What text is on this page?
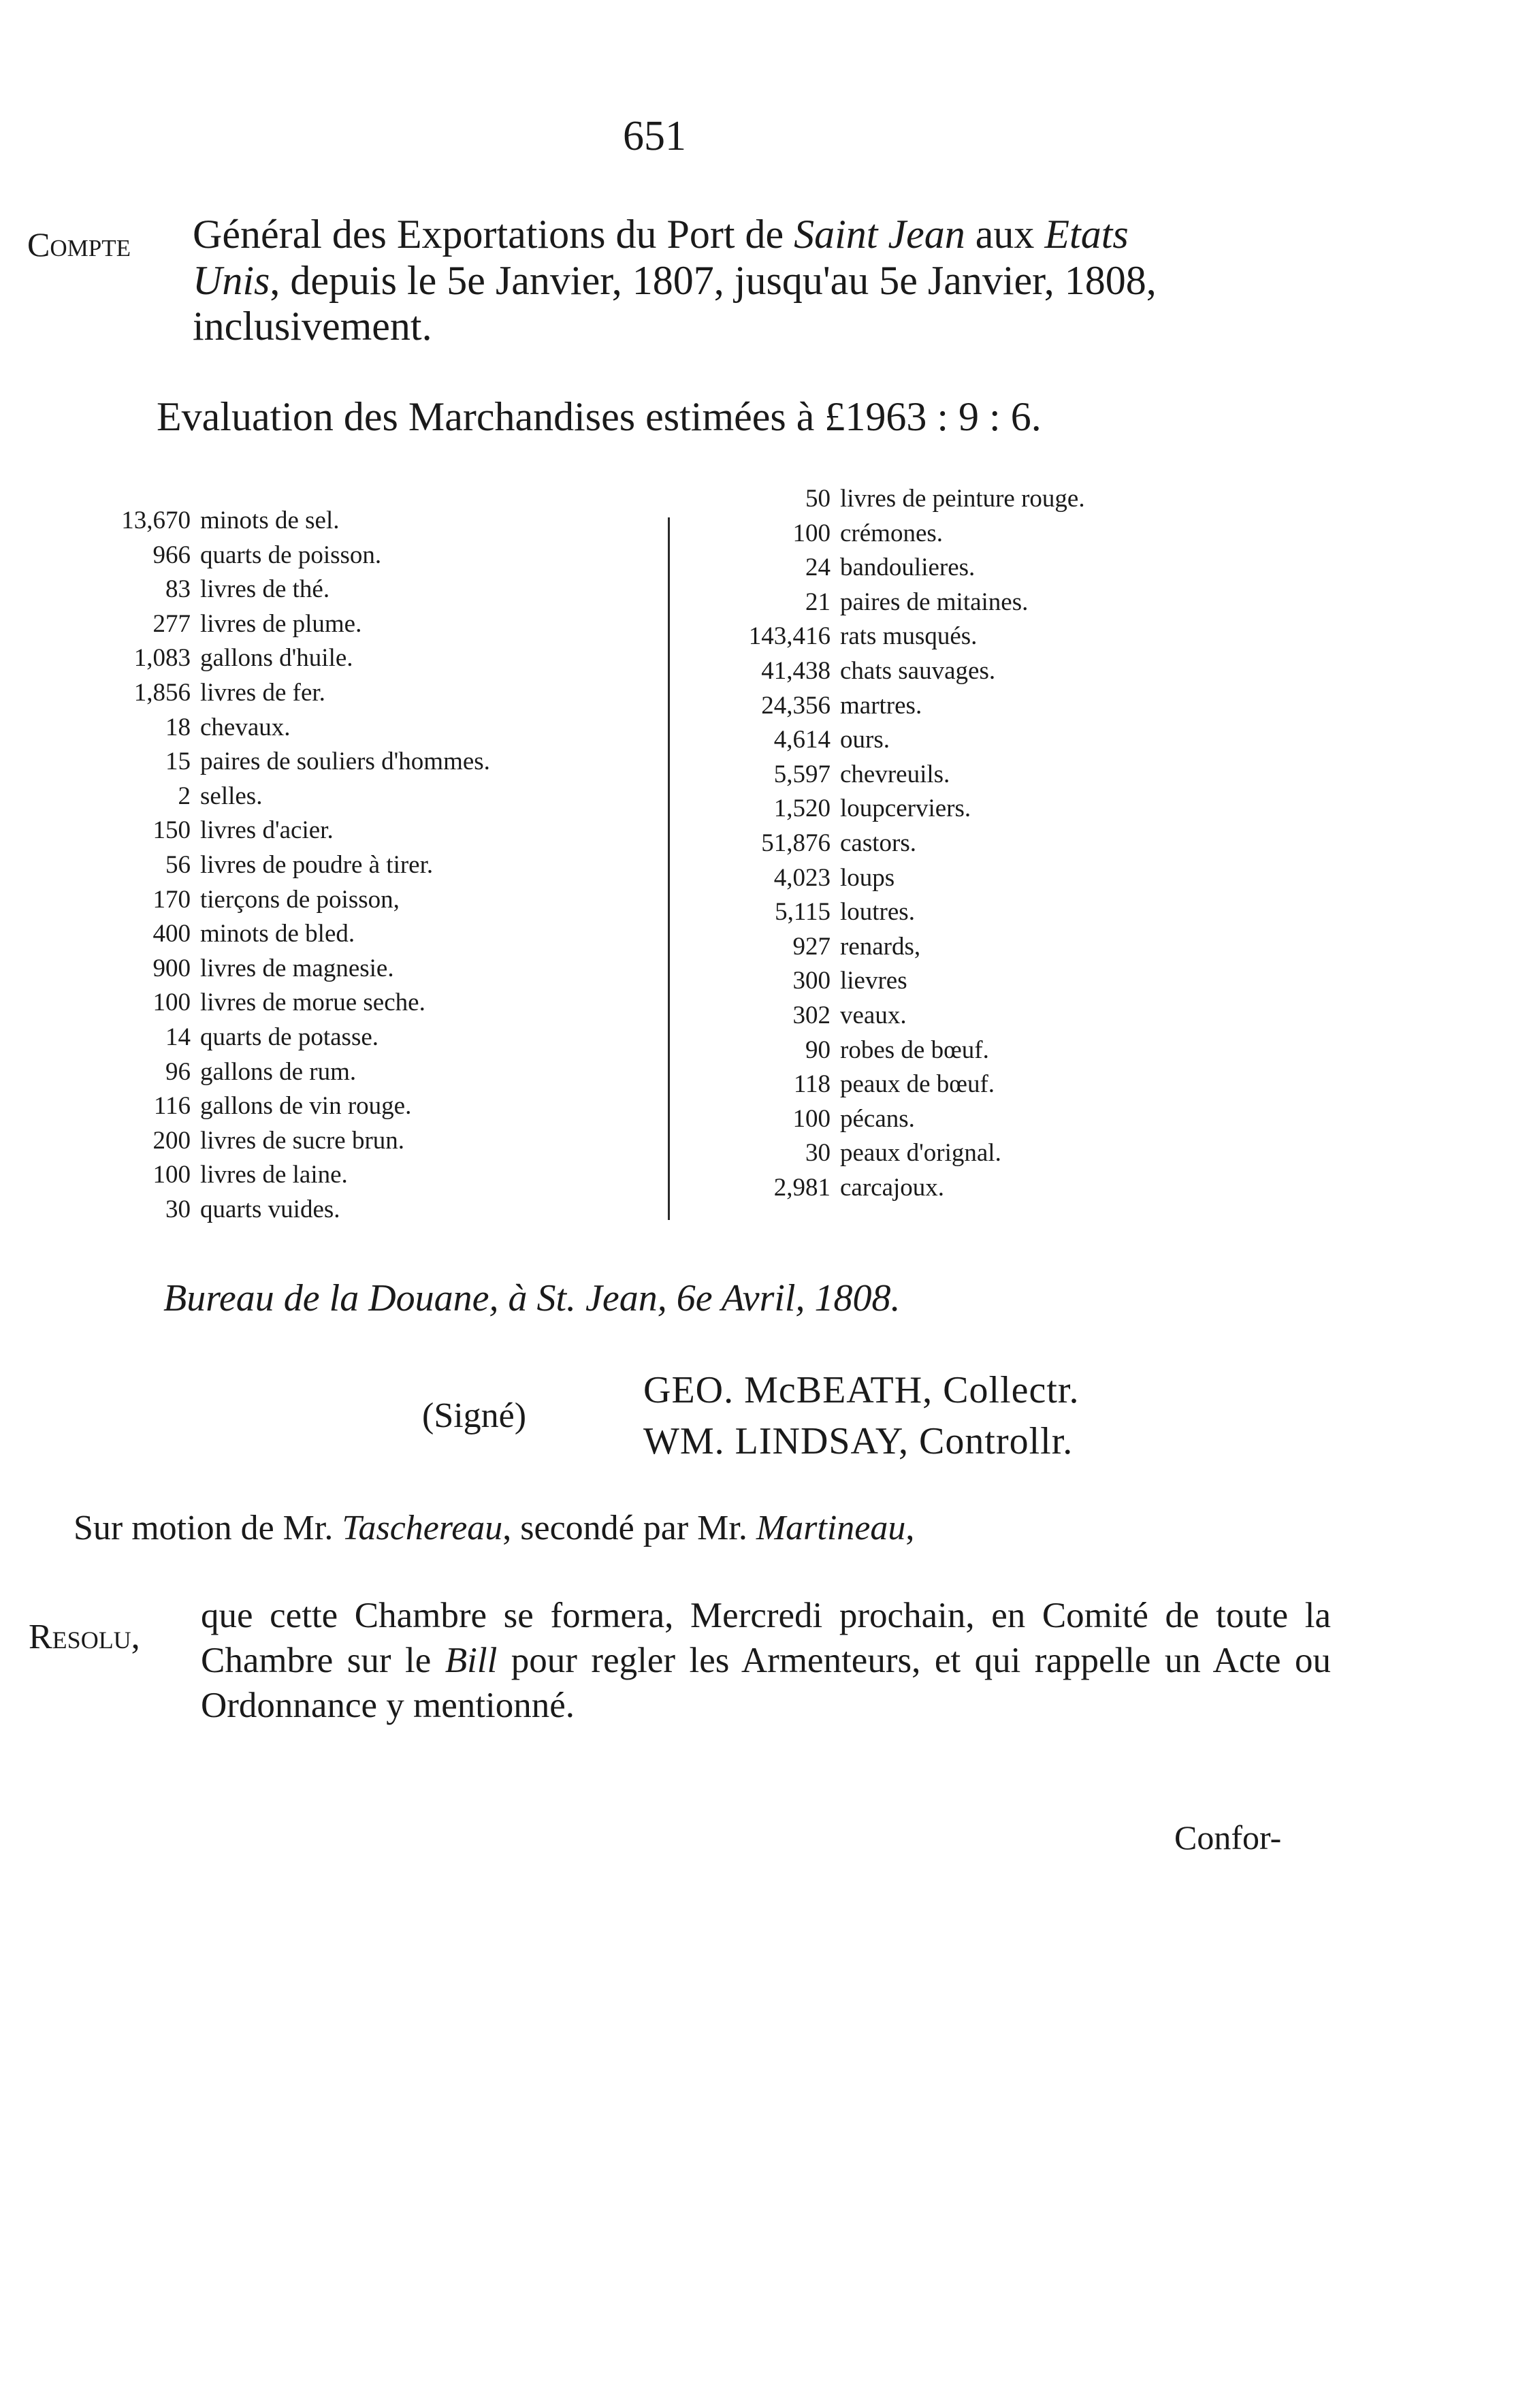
651
Compte Général des Exportations du Port de Saint Jean aux Etats
Unis, depuis le 5e Janvier, 1807, jusqu'au 5e Janvier, 1808,
inclusivement.
Evaluation des Marchandises estimées à £1963 : 9 : 6.
13,670 minots de sel.
966 quarts de poisson.
83 livres de thé.
277 livres de plume.
1,083 gallons d'huile.
1,856 livres de fer.
18 chevaux.
15 paires de souliers d'hommes.
2 selles.
150 livres d'acier.
56 livres de poudre à tirer.
170 tierçons de poisson,
400 minots de bled.
900 livres de magnesie.
100 livres de morue seche.
14 quarts de potasse.
96 gallons de rum.
116 gallons de vin rouge.
200 livres de sucre brun.
100 livres de laine.
30 quarts vuides.
50 livres de peinture rouge.
100 crémones.
24 bandoulieres.
21 paires de mitaines.
143,416 rats musqués.
41,438 chats sauvages.
24,356 martres.
4,614 ours.
5,597 chevreuils.
1,520 loupcerviers.
51,876 castors.
4,023 loups
5,115 loutres.
927 renards,
300 lievres
302 veaux.
90 robes de bœuf.
118 peaux de bœuf.
100 pécans.
30 peaux d'orignal.
2,981 carcajoux.
Bureau de la Douane, à St. Jean, 6e Avril, 1808.
(Signé)
GEO. McBEATH, Collectr.
WM. LINDSAY, Controllr.
Sur motion de Mr. Taschereau, secondé par Mr. Martineau,
Resolu,
que cette Chambre se formera, Mercredi prochain, en Comité de toute la Chambre sur le Bill pour regler les Armenteurs, et qui rappelle un Acte ou Ordonnance y mentionné.
Confor-
